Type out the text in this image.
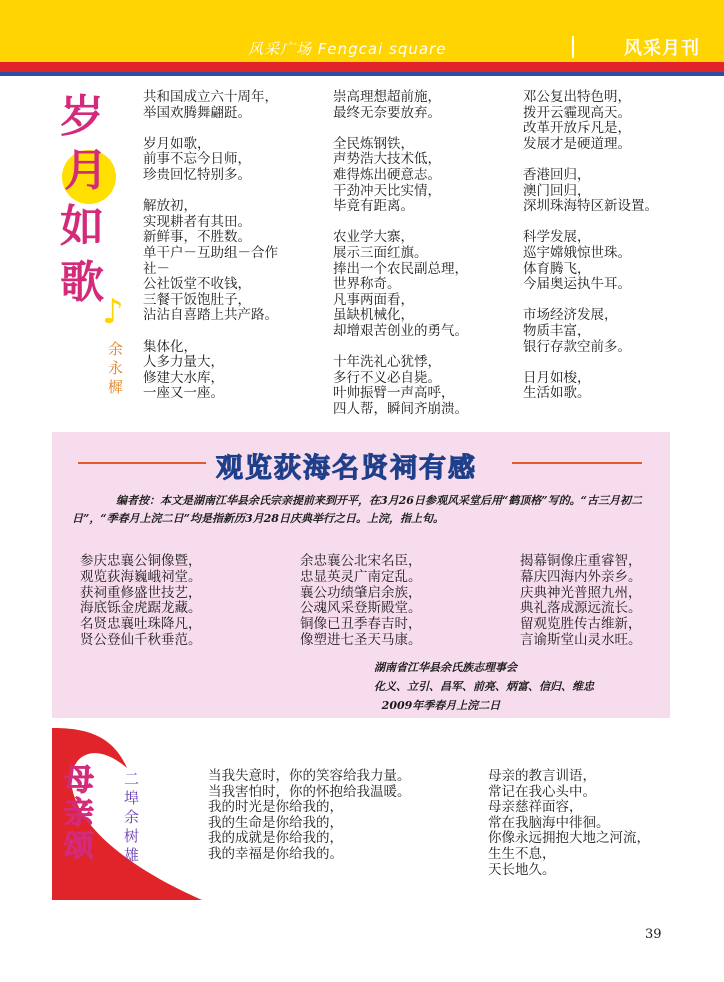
风采广场 Fengcai square	风采月刊
岁
月
如
歌
♪
余永樨
共和国成立六十周年，
举国欢腾舞翩跹。

岁月如歌，
前事不忘今日师，
珍贵回忆特别多。

解放初，
实现耕者有其田。
新鲜事，不胜数。
单干户－互助组－合作
社－
公社饭堂不收钱，
三餐干饭饱肚子，
沾沾自喜踏上共产路。

集体化，
人多力量大，
修建大水库，
一座又一座。
崇高理想超前施，
最终无奈要放弃。

全民炼钢铁，
声势浩大技术低，
难得炼出硬意志。
干劲冲天比实情，
毕竟有距离。

农业学大寨，
展示三面红旗。
捧出一个农民副总理，
世界称奇。
凡事两面看，
虽缺机械化，
却增艰苦创业的勇气。

十年洗礼心犹悸，
多行不义必自毙。
叶帅振臂一声高呼，
四人帮，瞬间齐崩溃。
邓公复出特色明，
拨开云霾现高天。
改革开放斥凡是，
发展才是硬道理。

香港回归，
澳门回归，
深圳珠海特区新设置。

科学发展，
巡宇嫦娥惊世珠。
体育腾飞，
今届奥运执牛耳。

市场经济发展，
物质丰富，
银行存款空前多。

日月如梭，
生活如歌。
观览荻海名贤祠有感
编者按：本文是湖南江华县余氏宗亲提前来到开平，在3月26日参观风采堂后用“鹤顶格”写的。“古三月初二日”，“季春月上浣二日”均是指新历3月28日庆典举行之日。上浣，指上旬。
参庆忠襄公铜像暨，
观览荻海巍峨祠堂。
获祠重修盛世技艺，
海底铄金虎踞龙藏。
名贤忠襄吐珠降凡，
贤公登仙千秋垂范。
余忠襄公北宋名臣，
忠显英灵广南定乱。
襄公功绩肇启余族，
公魂风采登斯殿堂。
铜像已丑季春吉时，
像塑进七圣天马康。
揭幕铜像庄重睿智，
幕庆四海内外亲乡。
庆典神光普照九州，
典礼落成源远流长。
留观览胜传古维新，
言谕斯堂山灵水旺。
湖南省江华县余氏族志理事会
化义、立引、昌军、前亮、炳富、信归、维忠
2009年季春月上浣二日
母亲颂
二埠余树雄
当我失意时，你的笑容给我力量。
当我害怕时，你的怀抱给我温暖。
我的时光是你给我的，
我的生命是你给我的，
我的成就是你给我的，
我的幸福是你给我的。
母亲的教言训语，
常记在我心头中。
母亲慈祥面容，
常在我脑海中徘徊。
你像永远拥抱大地之河流，
生生不息，
天长地久。
39
